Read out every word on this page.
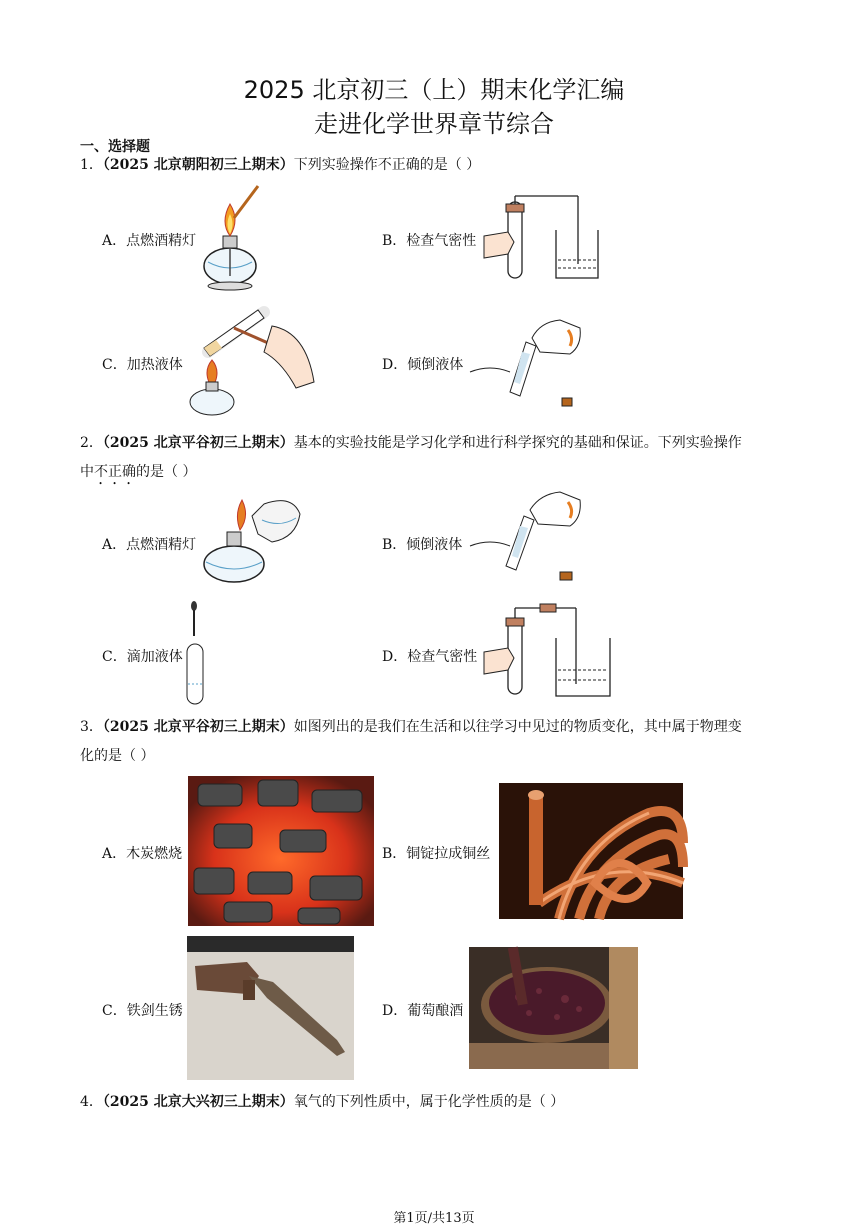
2025 北京初三（上）期末化学汇编
走进化学世界章节综合
一、选择题
1．（2025 北京朝阳初三上期末）下列实验操作不正确的是（ ）
A．点燃酒精灯	B．检查气密性
C．加热液体	D．倾倒液体
2．（2025 北京平谷初三上期末）基本的实验技能是学习化学和进行科学探究的基础和保证。下列实验操作
中不正确的是（ ）
A．点燃酒精灯	B．倾倒液体
C．滴加液体	D．检查气密性
3．（2025 北京平谷初三上期末）如图列出的是我们在生活和以往学习中见过的物质变化，其中属于物理变
化的是（ ）
A．木炭燃烧	B．铜锭拉成铜丝
C．铁剑生锈	D．葡萄酿酒
4．（2025 北京大兴初三上期末）氧气的下列性质中，属于化学性质的是（ ）
第1页/共13页
